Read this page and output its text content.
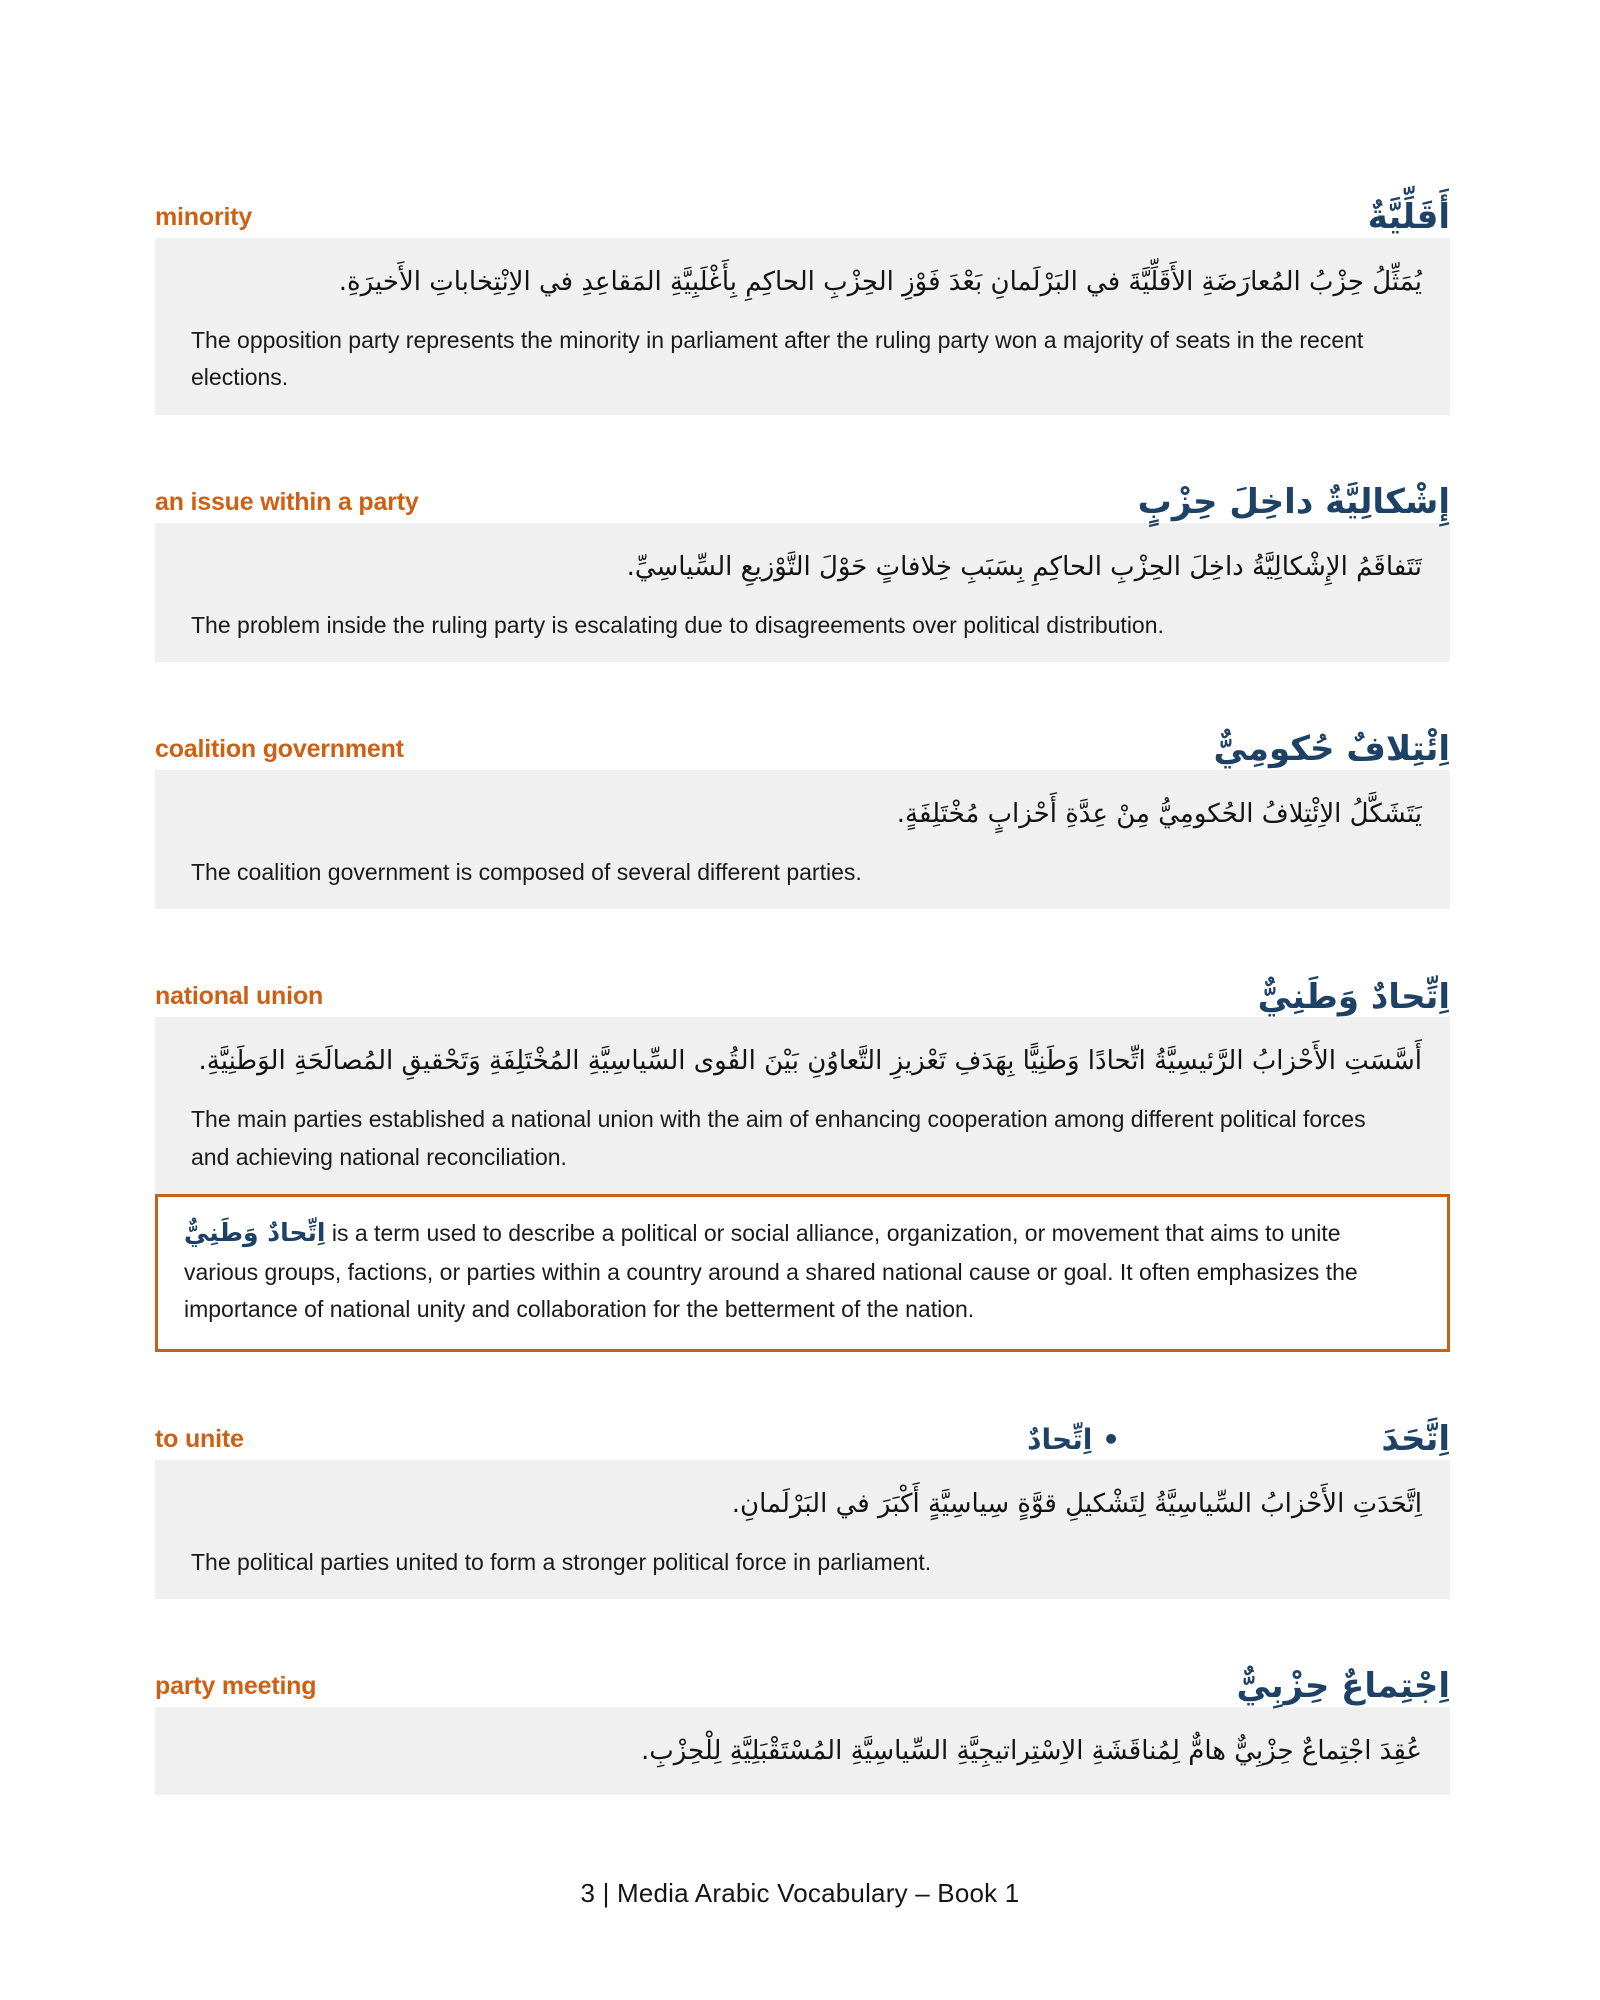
minority	أَقَلِّيَّةٌ

يُمَثِّلُ حِزْبُ المُعارَضَةِ الأَقَلِّيَّةَ في البَرْلَمانِ بَعْدَ فَوْزِ الحِزْبِ الحاكِمِ بِأَغْلَبِيَّةِ المَقاعِدِ في الاِنْتِخاباتِ الأَخيرَةِ.

The opposition party represents the minority in parliament after the ruling party won a majority of seats in the recent elections.

an issue within a party	إِشْكالِيَّةٌ داخِلَ حِزْبٍ

تَتَفاقَمُ الإِشْكالِيَّةُ داخِلَ الحِزْبِ الحاكِمِ بِسَبَبِ خِلافاتٍ حَوْلَ التَّوْزيعِ السِّياسِيِّ.

The problem inside the ruling party is escalating due to disagreements over political distribution.

coalition government	اِئْتِلافٌ حُكومِيٌّ

يَتَشَكَّلُ الاِئْتِلافُ الحُكومِيُّ مِنْ عِدَّةِ أَحْزابٍ مُخْتَلِفَةٍ.

The coalition government is composed of several different parties.

national union	اِتِّحادٌ وَطَنِيٌّ

أَسَّسَتِ الأَحْزابُ الرَّئيسِيَّةُ اتِّحادًا وَطَنِيًّا بِهَدَفِ تَعْزيزِ التَّعاوُنِ بَيْنَ القُوى السِّياسِيَّةِ المُخْتَلِفَةِ وَتَحْقيقِ المُصالَحَةِ الوَطَنِيَّةِ.

The main parties established a national union with the aim of enhancing cooperation among different political forces and achieving national reconciliation.

اِتِّحادٌ وَطَنِيٌّ is a term used to describe a political or social alliance, organization, or movement that aims to unite various groups, factions, or parties within a country around a shared national cause or goal. It often emphasizes the importance of national unity and collaboration for the betterment of the nation.

to unite	• اِتِّحادٌ	اِتَّحَدَ

اِتَّحَدَتِ الأَحْزابُ السِّياسِيَّةُ لِتَشْكيلِ قوَّةٍ سِياسِيَّةٍ أَكْبَرَ في البَرْلَمانِ.

The political parties united to form a stronger political force in parliament.

party meeting	اِجْتِماعٌ حِزْبِيٌّ

عُقِدَ اجْتِماعٌ حِزْبِيٌّ هامٌّ لِمُناقَشَةِ الاِسْتِراتيجِيَّةِ السِّياسِيَّةِ المُسْتَقْبَلِيَّةِ لِلْحِزْبِ.

3 | Media Arabic Vocabulary – Book 1
